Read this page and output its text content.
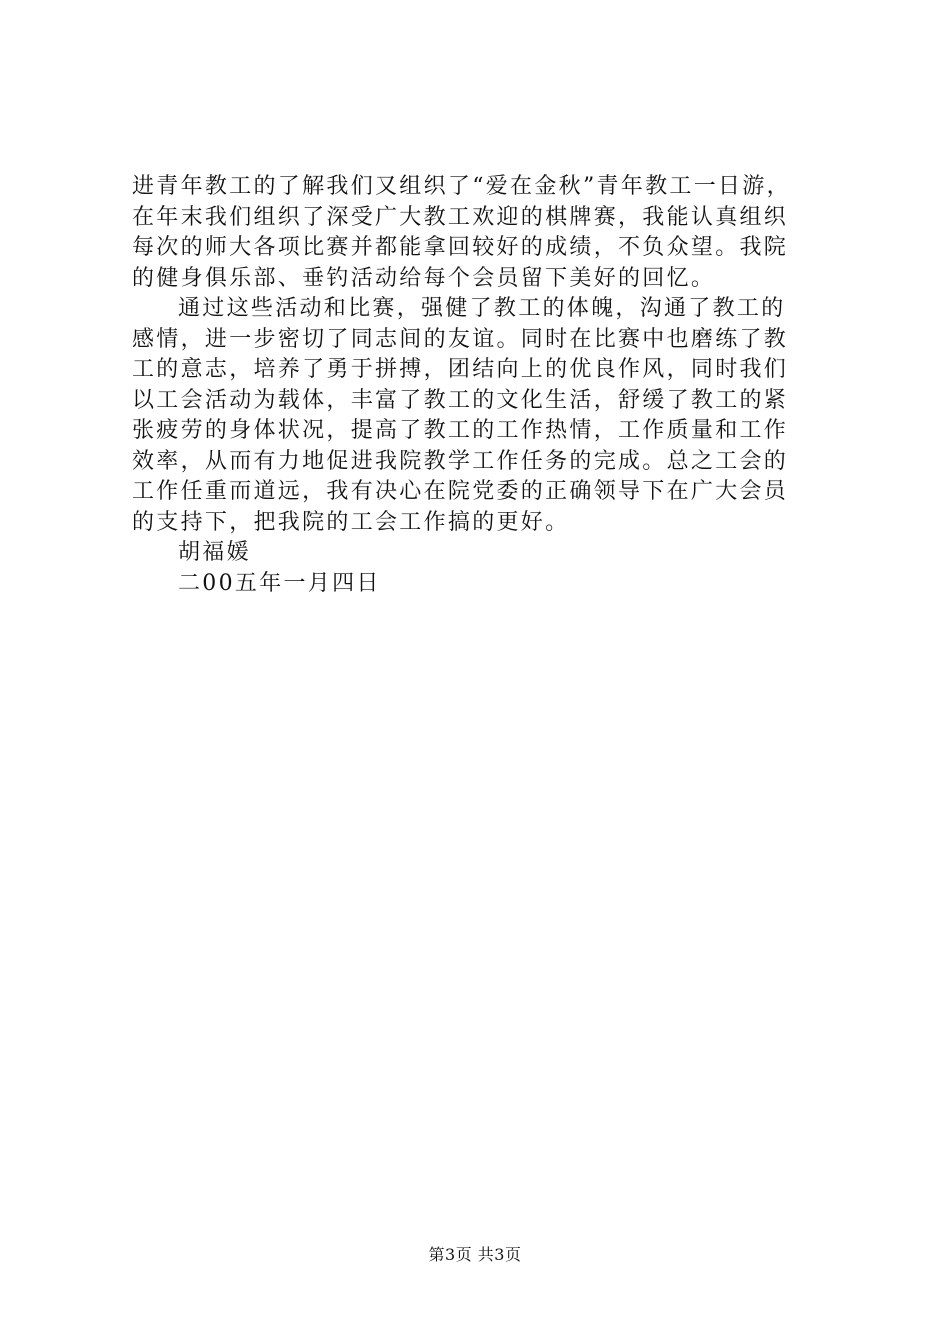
进青年教工的了解我们又组织了“爱在金秋”青年教工一日游，
在年末我们组织了深受广大教工欢迎的棋牌赛，我能认真组织
每次的师大各项比赛并都能拿回较好的成绩，不负众望。我院
的健身俱乐部、垂钓活动给每个会员留下美好的回忆。
通过这些活动和比赛，强健了教工的体魄，沟通了教工的
感情，进一步密切了同志间的友谊。同时在比赛中也磨练了教
工的意志，培养了勇于拼搏，团结向上的优良作风，同时我们
以工会活动为载体，丰富了教工的文化生活，舒缓了教工的紧
张疲劳的身体状况，提高了教工的工作热情，工作质量和工作
效率，从而有力地促进我院教学工作任务的完成。总之工会的
工作任重而道远，我有决心在院党委的正确领导下在广大会员
的支持下，把我院的工会工作搞的更好。
胡福媛
二00五年一月四日
第3页 共3页
